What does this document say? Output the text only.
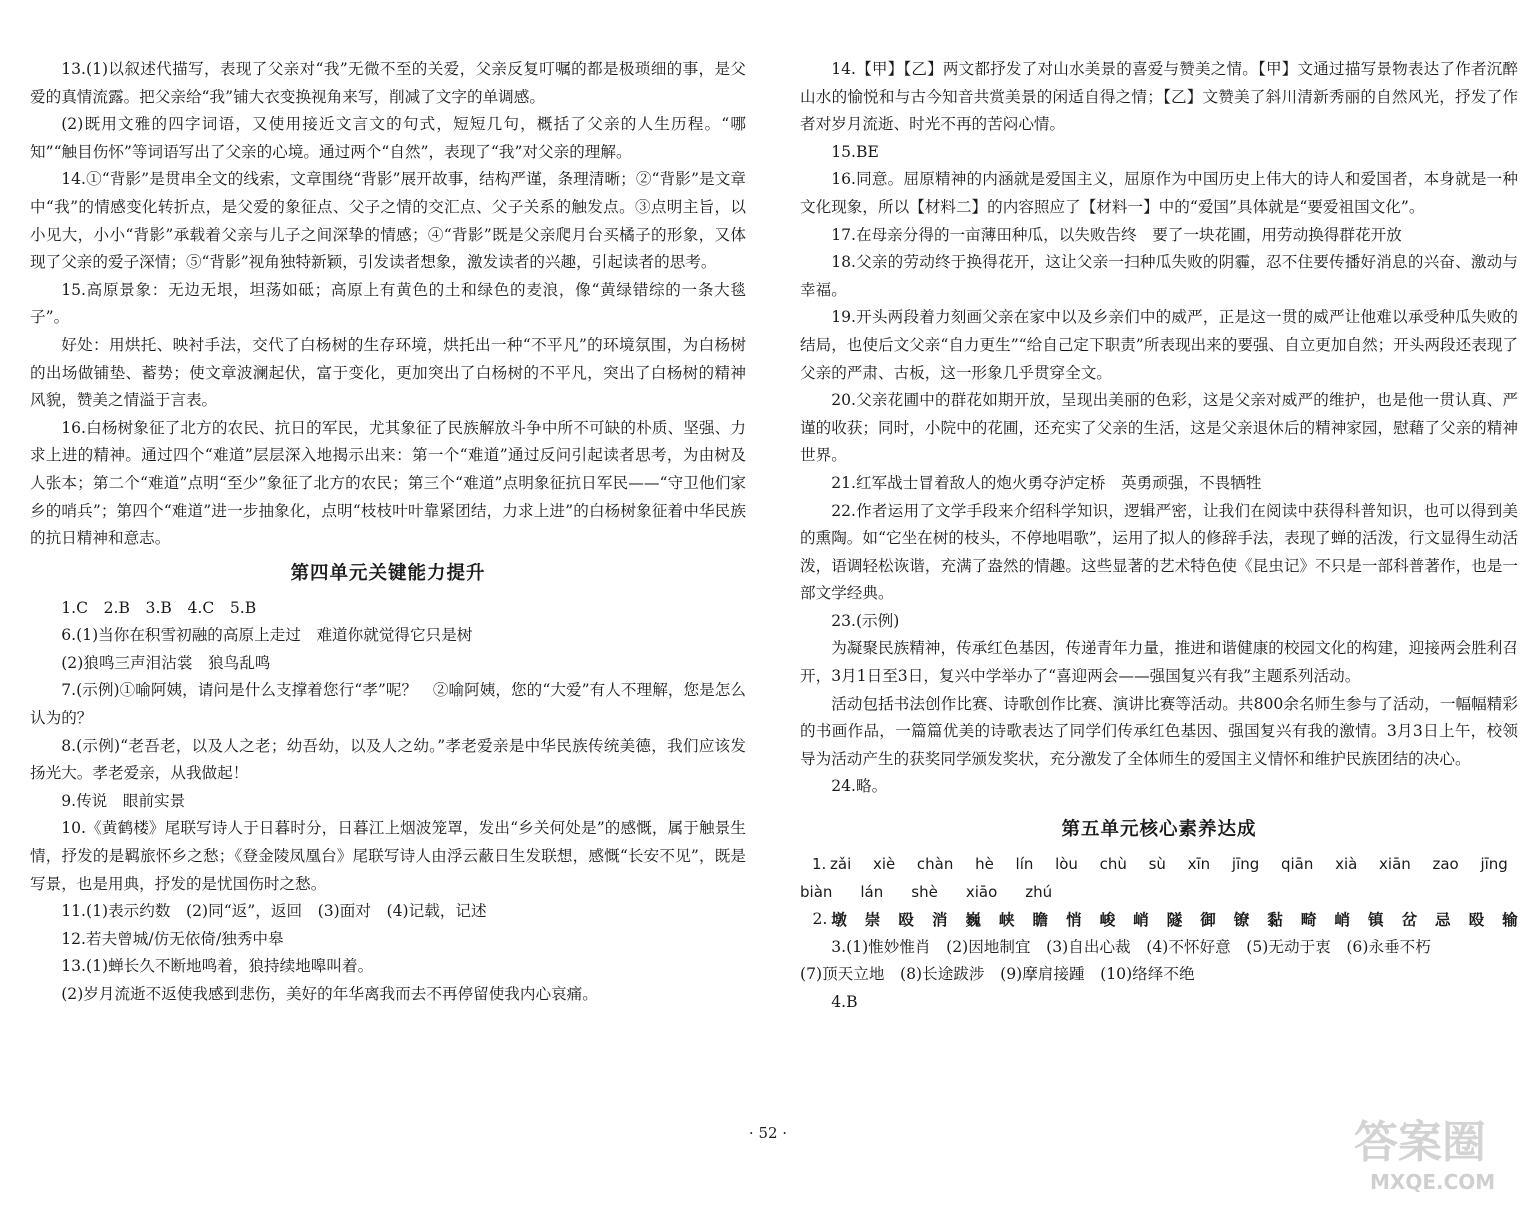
13.(1)以叙述代描写，表现了父亲对“我”无微不至的关爱，父亲反复叮嘱的都是极琐细的事，是父爱的真情流露。把父亲给“我”铺大衣变换视角来写，削减了文字的单调感。

(2)既用文雅的四字词语，又使用接近文言文的句式，短短几句，概括了父亲的人生历程。“哪知”“触目伤怀”等词语写出了父亲的心境。通过两个“自然”，表现了“我”对父亲的理解。

14.①“背影”是贯串全文的线索，文章围绕“背影”展开故事，结构严谨，条理清晰；②“背影”是文章中“我”的情感变化转折点，是父爱的象征点、父子之情的交汇点、父子关系的触发点。③点明主旨，以小见大，小小“背影”承载着父亲与儿子之间深挚的情感；④“背影”既是父亲爬月台买橘子的形象，又体现了父亲的爱子深情；⑤“背影”视角独特新颖，引发读者想象，激发读者的兴趣，引起读者的思考。

15.高原景象：无边无垠，坦荡如砥；高原上有黄色的土和绿色的麦浪，像“黄绿错综的一条大毯子”。

好处：用烘托、映衬手法，交代了白杨树的生存环境，烘托出一种“不平凡”的环境氛围，为白杨树的出场做铺垫、蓄势；使文章波澜起伏，富于变化，更加突出了白杨树的不平凡，突出了白杨树的精神风貌，赞美之情溢于言表。

16.白杨树象征了北方的农民、抗日的军民，尤其象征了民族解放斗争中所不可缺的朴质、坚强、力求上进的精神。通过四个“难道”层层深入地揭示出来：第一个“难道”通过反问引起读者思考，为由树及人张本；第二个“难道”点明“至少”象征了北方的农民；第三个“难道”点明象征抗日军民——“守卫他们家乡的哨兵”；第四个“难道”进一步抽象化，点明“枝枝叶叶靠紧团结，力求上进”的白杨树象征着中华民族的抗日精神和意志。

第四单元关键能力提升

1.C　2.B　3.B　4.C　5.B

6.(1)当你在积雪初融的高原上走过　难道你就觉得它只是树

(2)狼鸣三声泪沾裳　狼鸟乱鸣

7.(示例)①喻阿姨，请问是什么支撑着您行“孝”呢？　②喻阿姨，您的“大爱”有人不理解，您是怎么认为的？

8.(示例)“老吾老，以及人之老；幼吾幼，以及人之幼。”孝老爱亲是中华民族传统美德，我们应该发扬光大。孝老爱亲，从我做起！

9.传说　眼前实景

10.《黄鹤楼》尾联写诗人于日暮时分，日暮江上烟波笼罩，发出“乡关何处是”的感慨，属于触景生情，抒发的是羁旅怀乡之愁；《登金陵凤凰台》尾联写诗人由浮云蔽日生发联想，感慨“长安不见”，既是写景，也是用典，抒发的是忧国伤时之愁。

11.(1)表示约数　(2)同“返”，返回　(3)面对　(4)记载，记述

12.若夫曾城/仿无依倚/独秀中皋

13.(1)蝉长久不断地鸣着，狼持续地嗥叫着。

(2)岁月流逝不返使我感到悲伤，美好的年华离我而去不再停留使我内心哀痛。

14.【甲】【乙】两文都抒发了对山水美景的喜爱与赞美之情。【甲】文通过描写景物表达了作者沉醉山水的愉悦和与古今知音共赏美景的闲适自得之情；【乙】文赞美了斜川清新秀丽的自然风光，抒发了作者对岁月流逝、时光不再的苦闷心情。

15.BE

16.同意。屈原精神的内涵就是爱国主义，屈原作为中国历史上伟大的诗人和爱国者，本身就是一种文化现象，所以【材料二】的内容照应了【材料一】中的“爱国”具体就是“要爱祖国文化”。

17.在母亲分得的一亩薄田种瓜，以失败告终　要了一块花圃，用劳动换得群花开放

18.父亲的劳动终于换得花开，这让父亲一扫种瓜失败的阴霾，忍不住要传播好消息的兴奋、激动与幸福。

19.开头两段着力刻画父亲在家中以及乡亲们中的威严，正是这一贯的威严让他难以承受种瓜失败的结局，也使后文父亲“自力更生”“给自己定下职责”所表现出来的要强、自立更加自然；开头两段还表现了父亲的严肃、古板，这一形象几乎贯穿全文。

20.父亲花圃中的群花如期开放，呈现出美丽的色彩，这是父亲对威严的维护，也是他一贯认真、严谨的收获；同时，小院中的花圃，还充实了父亲的生活，这是父亲退休后的精神家园，慰藉了父亲的精神世界。

21.红军战士冒着敌人的炮火勇夺泸定桥　英勇顽强，不畏牺牲

22.作者运用了文学手段来介绍科学知识，逻辑严密，让我们在阅读中获得科普知识，也可以得到美的熏陶。如“它坐在树的枝头，不停地唱歌”，运用了拟人的修辞手法，表现了蝉的活泼，行文显得生动活泼，语调轻松诙谐，充满了盎然的情趣。这些显著的艺术特色使《昆虫记》不只是一部科普著作，也是一部文学经典。

23.(示例)

为凝聚民族精神，传承红色基因，传递青年力量，推进和谐健康的校园文化的构建，迎接两会胜利召开，3月1日至3日，复兴中学举办了“喜迎两会——强国复兴有我”主题系列活动。

活动包括书法创作比赛、诗歌创作比赛、演讲比赛等活动。共800余名师生参与了活动，一幅幅精彩的书画作品，一篇篇优美的诗歌表达了同学们传承红色基因、强国复兴有我的激情。3月3日上午，校领导为活动产生的获奖同学颁发奖状，充分激发了全体师生的爱国主义情怀和维护民族团结的决心。

24.略。

第五单元核心素养达成
1. zǎi xiè chàn hè lín lòu chù sù xīn jīng qiān xià xiān zao jīng
biàn lán shè xiāo zhú
2. 墩 崇 殴 消 巍 峡 瞻 悄 峻 峭 隧 御 镣 黏 畸 峭 镇 岔 忌 殴 输

3.(1)惟妙惟肖　(2)因地制宜　(3)自出心裁　(4)不怀好意　(5)无动于衷　(6)永垂不朽

(7)顶天立地　(8)长途跋涉　(9)摩肩接踵　(10)络绎不绝

4.B

· 52 ·	答案圈
MXQE.COM
